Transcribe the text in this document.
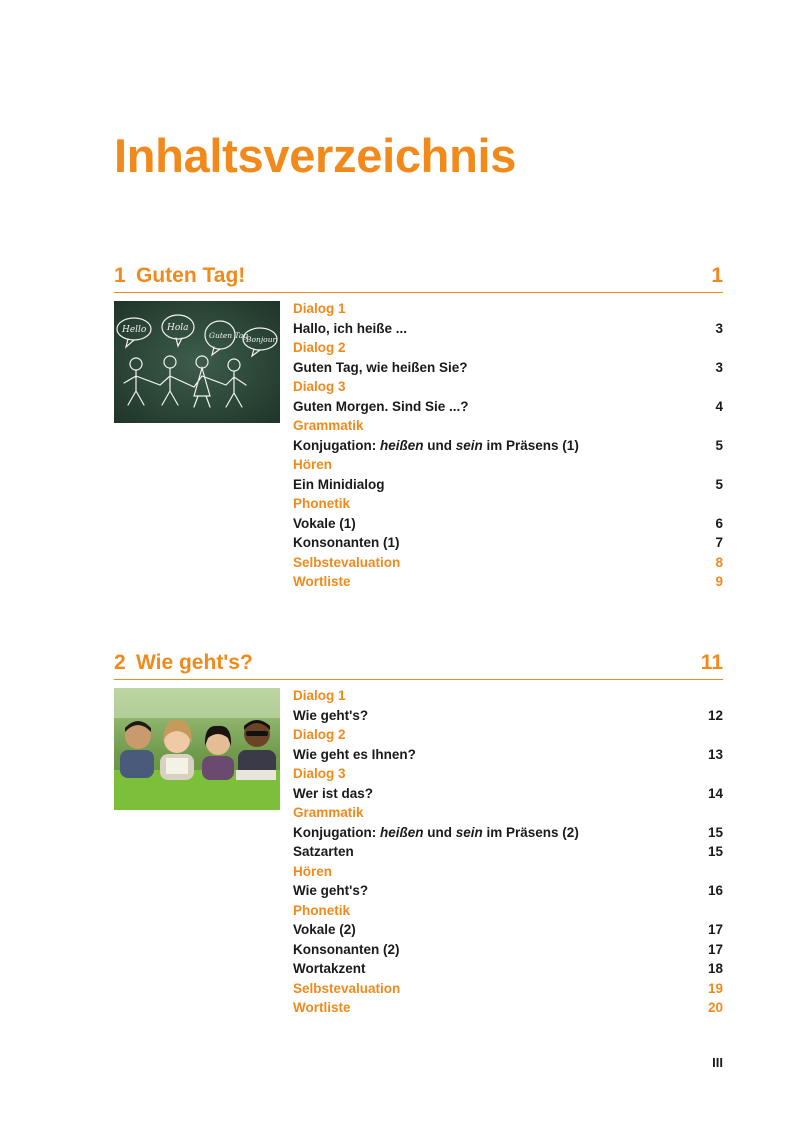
Inhaltsverzeichnis
1 Guten Tag!	1
Hello Hola
Guten Tag
Bonjour
Dialog 1
Hallo, ich heiße ...	3
Dialog 2
Guten Tag, wie heißen Sie?	3
Dialog 3
Guten Morgen. Sind Sie ...?	4
Grammatik
Konjugation: heißen und sein im Präsens (1)	5
Hören
Ein Minidialog	5
Phonetik
Vokale (1)	6
Konsonanten (1)	7
Selbstevaluation	8
Wortliste	9
2 Wie geht's?	11
Dialog 1
Wie geht's?	12
Dialog 2
Wie geht es Ihnen?	13
Dialog 3
Wer ist das?	14
Grammatik
Konjugation: heißen und sein im Präsens (2)	15
Satzarten	15
Hören
Wie geht's?	16
Phonetik
Vokale (2)	17
Konsonanten (2)	17
Wortakzent	18
Selbstevaluation	19
Wortliste	20
III
